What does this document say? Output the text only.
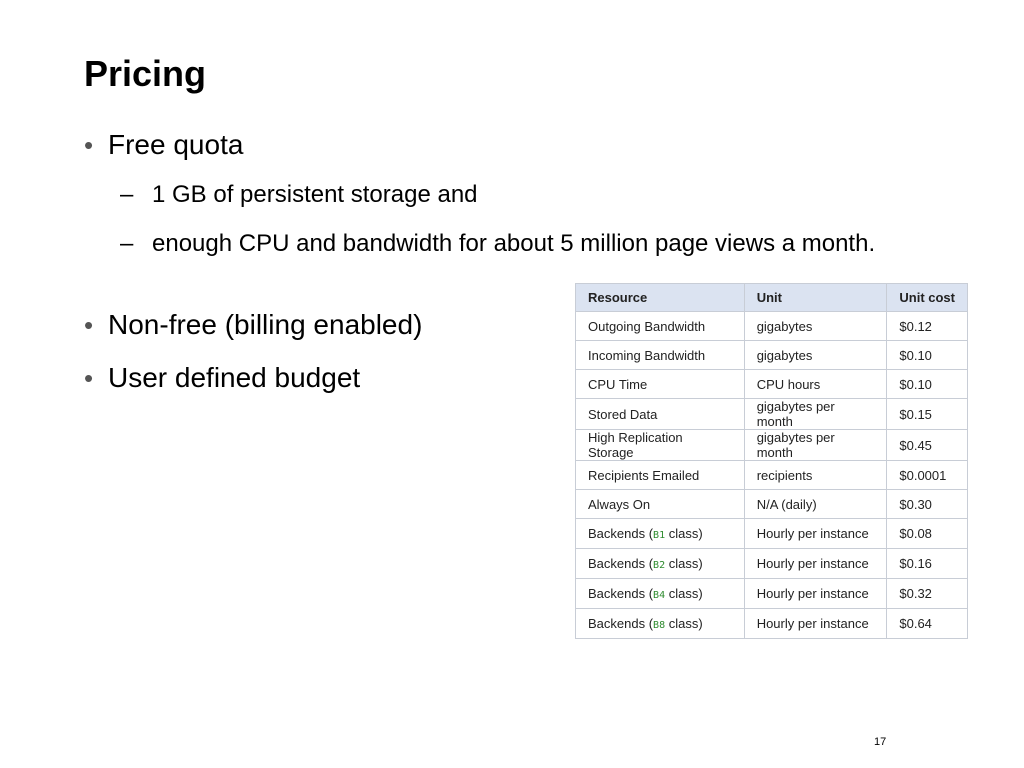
Pricing
• Free quota
– 1 GB of persistent storage and
– enough CPU and bandwidth for about 5 million page views a month.
• Non-free (billing enabled)
• User defined budget
Resource	Unit	Unit cost
Outgoing Bandwidth	gigabytes	$0.12
Incoming Bandwidth	gigabytes	$0.10
CPU Time	CPU hours	$0.10
Stored Data	gigabytes per month	$0.15
High Replication Storage	gigabytes per month	$0.45
Recipients Emailed	recipients	$0.0001
Always On	N/A (daily)	$0.30
Backends (B1 class)	Hourly per instance	$0.08
Backends (B2 class)	Hourly per instance	$0.16
Backends (B4 class)	Hourly per instance	$0.32
Backends (B8 class)	Hourly per instance	$0.64
17
